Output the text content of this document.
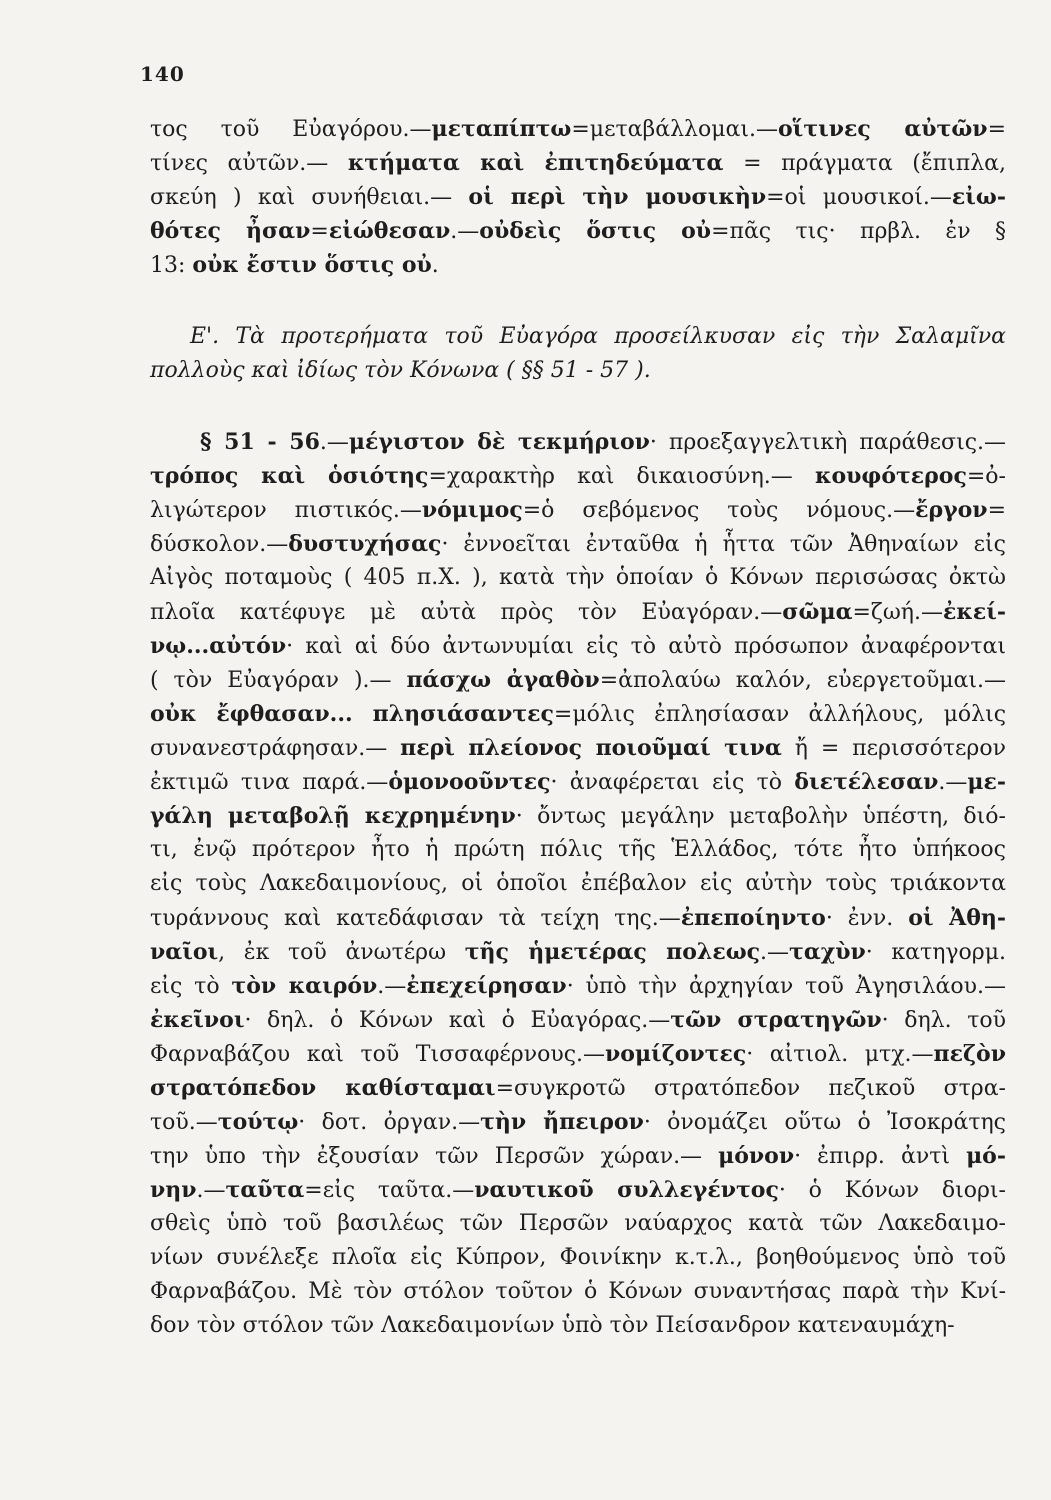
140
τος τοῦ Εὐαγόρου.—μεταπίπτω=μεταβάλλομαι.—οἵτινες αὐτῶν=
τίνες αὐτῶν.— κτήματα καὶ ἐπιτηδεύματα = πράγματα (ἔπιπλα,
σκεύη ) καὶ συνήθειαι.— οἱ περὶ τὴν μουσικὴν=οἱ μουσικοί.—εἰω-
θότες ἦσαν=εἰώθεσαν.—οὐδεὶς ὅστις οὐ=πᾶς τις· πρβλ. ἐν §
13: οὐκ ἔστιν ὅστις οὐ.
Ε'. Τὰ προτερήματα τοῦ Εὐαγόρα προσείλκυσαν εἰς τὴν Σαλαμῖνα
πολλοὺς καὶ ἰδίως τὸν Κόνωνα ( §§ 51 - 57 ).
§ 51 - 56.—μέγιστον δὲ τεκμήριον· προεξαγγελτικὴ παράθεσις.—
τρόπος καὶ ὁσιότης=χαρακτὴρ καὶ δικαιοσύνη.— κουφότερος=ὀ-
λιγώτερον πιστικός.—νόμιμος=ὁ σεβόμενος τοὺς νόμους.—ἔργον=
δύσκολον.—δυστυχήσας· ἐννοεῖται ἐνταῦθα ἡ ἧττα τῶν Ἀθηναίων εἰς
Αἰγὸς ποταμοὺς ( 405 π.Χ. ), κατὰ τὴν ὁποίαν ὁ Κόνων περισώσας ὀκτὼ
πλοῖα κατέφυγε μὲ αὐτὰ πρὸς τὸν Εὐαγόραν.—σῶμα=ζωή.—ἐκεί-
νῳ...αὐτόν· καὶ αἱ δύο ἀντωνυμίαι εἰς τὸ αὐτὸ πρόσωπον ἀναφέρονται
( τὸν Εὐαγόραν ).— πάσχω ἀγαθὸν=ἀπολαύω καλόν, εὐεργετοῦμαι.—
οὐκ ἔφθασαν... πλησιάσαντες=μόλις ἐπλησίασαν ἀλλήλους, μόλις
συνανεστράφησαν.— περὶ πλείονος ποιοῦμαί τινα ἤ = περισσότερον
ἐκτιμῶ τινα παρά.—ὁμονοοῦντες· ἀναφέρεται εἰς τὸ διετέλεσαν.—με-
γάλη μεταβολῇ κεχρημένην· ὄντως μεγάλην μεταβολὴν ὑπέστη, διό-
τι, ἐνῷ πρότερον ἦτο ἡ πρώτη πόλις τῆς Ἑλλάδος, τότε ἦτο ὑπήκοος
εἰς τοὺς Λακεδαιμονίους, οἱ ὁποῖοι ἐπέβαλον εἰς αὐτὴν τοὺς τριάκοντα
τυράννους καὶ κατεδάφισαν τὰ τείχη της.—ἐπεποίηντο· ἐνν. οἱ Ἀθη-
ναῖοι, ἐκ τοῦ ἀνωτέρω τῆς ἡμετέρας πολεως.—ταχὺν· κατηγορμ.
εἰς τὸ τὸν καιρόν.—ἐπεχείρησαν· ὑπὸ τὴν ἀρχηγίαν τοῦ Ἀγησιλάου.—
ἐκεῖνοι· δηλ. ὁ Κόνων καὶ ὁ Εὐαγόρας.—τῶν στρατηγῶν· δηλ. τοῦ
Φαρναβάζου καὶ τοῦ Τισσαφέρνους.—νομίζοντες· αἰτιολ. μτχ.—πεζὸν
στρατόπεδον καθίσταμαι=συγκροτῶ στρατόπεδον πεζικοῦ στρα-
τοῦ.—τούτῳ· δοτ. ὀργαν.—τὴν ἤπειρον· ὀνομάζει οὕτω ὁ Ἰσοκράτης
την ὑπο τὴν ἐξουσίαν τῶν Περσῶν χώραν.— μόνον· ἐπιρρ. ἀντὶ μό-
νην.—ταῦτα=εἰς ταῦτα.—ναυτικοῦ συλλεγέντος· ὁ Κόνων διορι-
σθεὶς ὑπὸ τοῦ βασιλέως τῶν Περσῶν ναύαρχος κατὰ τῶν Λακεδαιμο-
νίων συνέλεξε πλοῖα εἰς Κύπρον, Φοινίκην κ.τ.λ., βοηθούμενος ὑπὸ τοῦ
Φαρναβάζου. Μὲ τὸν στόλον τοῦτον ὁ Κόνων συναντήσας παρὰ τὴν Κνί-
δον τὸν στόλον τῶν Λακεδαιμονίων ὑπὸ τὸν Πείσανδρον κατεναυμάχη-
